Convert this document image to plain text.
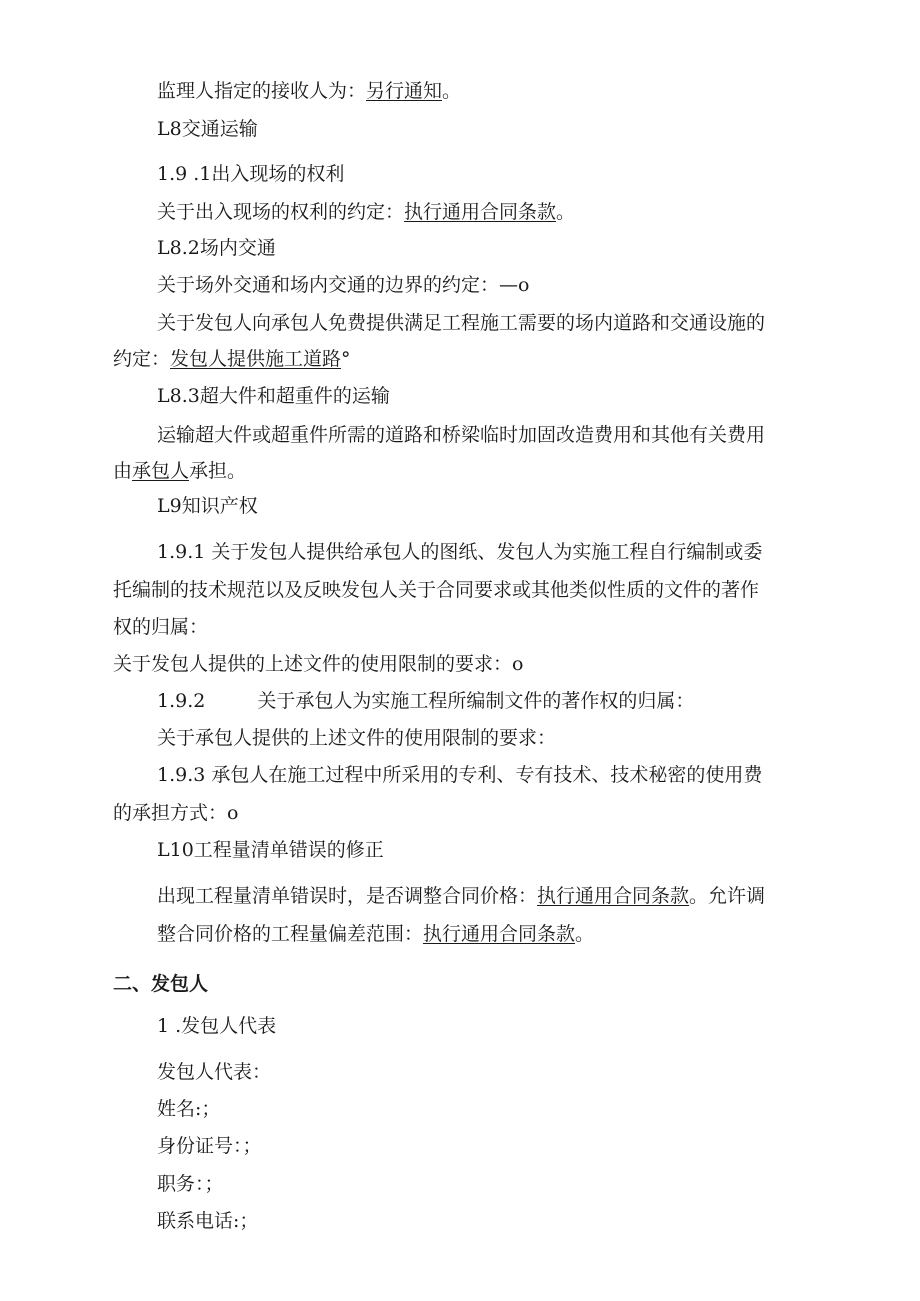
监理人指定的接收人为：另行通知。
L8交通运输
1.9 .1出入现场的权利
关于出入现场的权利的约定：执行通用合同条款。
L8.2场内交通
关于场外交通和场内交通的边界的约定：—o
关于发包人向承包人免费提供满足工程施工需要的场内道路和交通设施的
约定：发包人提供施工道路°
L8.3超大件和超重件的运输
运输超大件或超重件所需的道路和桥梁临时加固改造费用和其他有关费用
由承包人承担。
L9知识产权
1.9.1 关于发包人提供给承包人的图纸、发包人为实施工程自行编制或委
托编制的技术规范以及反映发包人关于合同要求或其他类似性质的文件的著作
权的归属：
关于发包人提供的上述文件的使用限制的要求：o
1.9.2	关于承包人为实施工程所编制文件的著作权的归属：
关于承包人提供的上述文件的使用限制的要求：
1.9.3 承包人在施工过程中所采用的专利、专有技术、技术秘密的使用费
的承担方式：o
L10工程量清单错误的修正
出现工程量清单错误时，是否调整合同价格：执行通用合同条款。允许调
整合同价格的工程量偏差范围：执行通用合同条款。
二、发包人
1 .发包人代表
发包人代表：
姓名:；
身份证号：；
职务：；
联系电话:；
